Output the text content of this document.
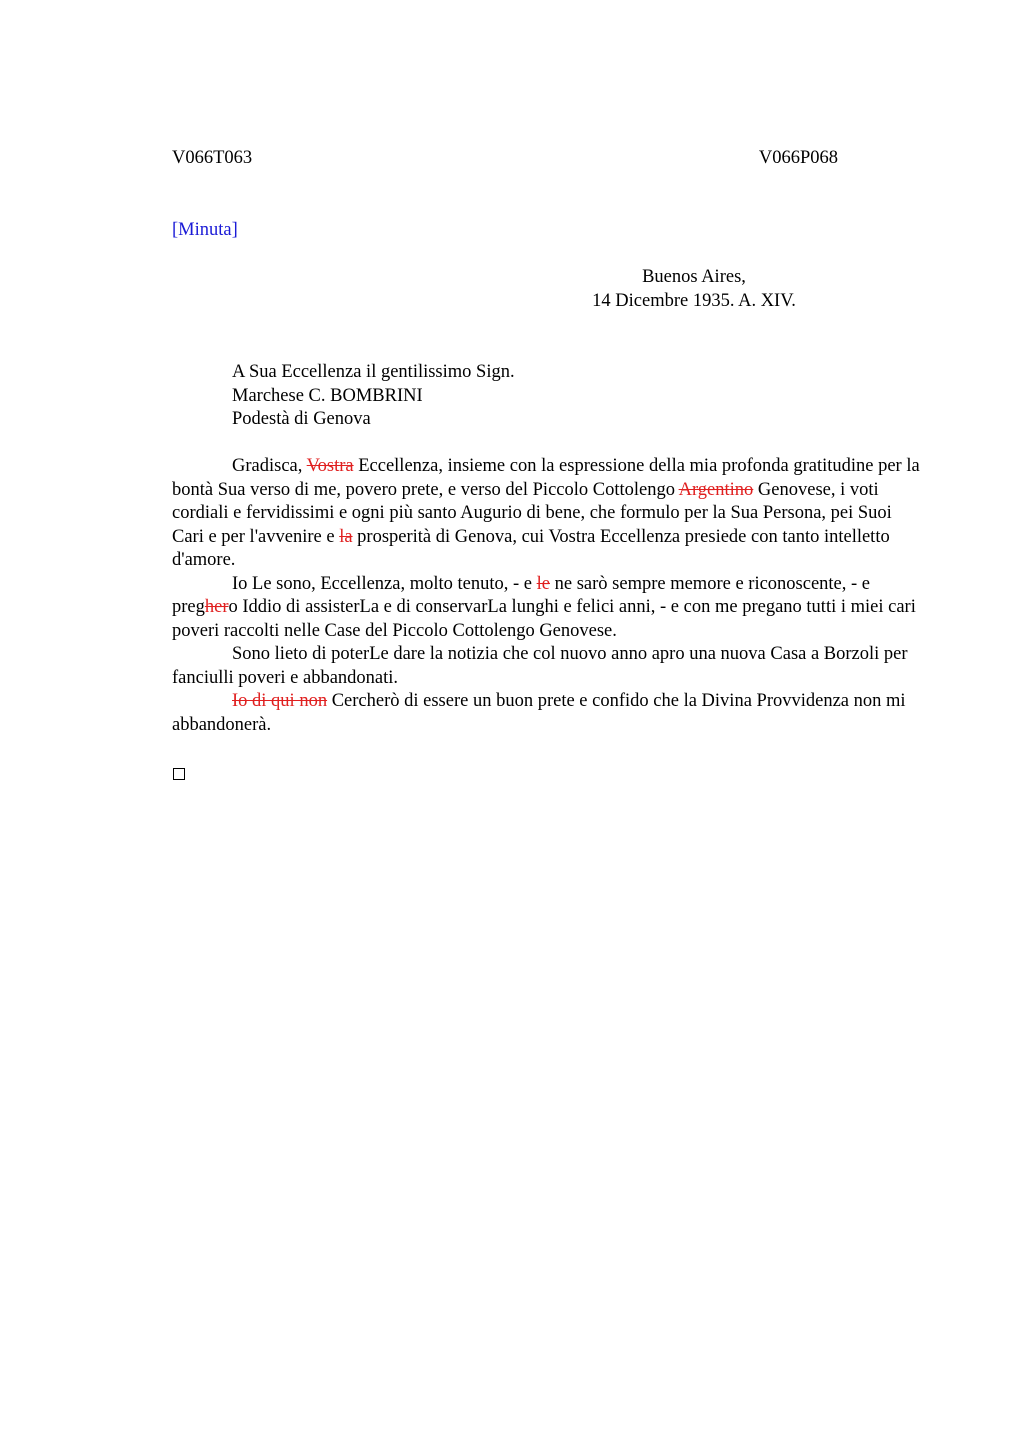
V066T063	V066P068
[Minuta]
Buenos Aires,
14 Dicembre 1935. A. XIV.
A Sua Eccellenza il gentilissimo Sign.
Marchese C. BOMBRINI
Podestà di Genova

Gradisca, Vostra Eccellenza, insieme con la espressione della mia profonda gratitudine per la bontà Sua verso di me, povero prete, e verso del Piccolo Cottolengo Argentino Genovese, i voti cordiali e fervidissimi e ogni più santo Augurio di bene, che formulo per la Sua Persona, pei Suoi Cari e per l'avvenire e la prosperità di Genova, cui Vostra Eccellenza presiede con tanto intelletto d'amore.

Io Le sono, Eccellenza, molto tenuto, - e le ne sarò sempre memore e riconoscente, - e preghero Iddio di assisterLa e di conservarLa lunghi e felici anni, - e con me pregano tutti i miei cari poveri raccolti nelle Case del Piccolo Cottolengo Genovese.

Sono lieto di poterLe dare la notizia che col nuovo anno apro una nuova Casa a Borzoli per fanciulli poveri e abbandonati.

Io di qui non Cercherò di essere un buon prete e confido che la Divina Provvidenza non mi abbandonerà.
